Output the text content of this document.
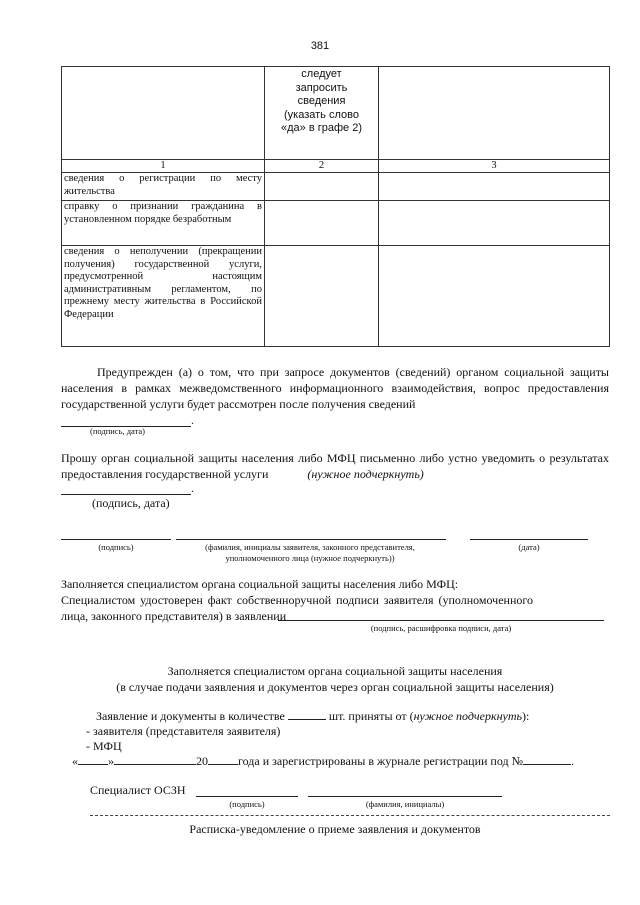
381

	следует запросить сведения (указать слово «да» в графе 2)	

1	2	3
сведения о регистрации по месту жительства		
справку о признании гражданина в установленном порядке безработным		
сведения о неполучении (прекращении получения) государственной услуги, предусмотренной настоящим административным регламентом, по прежнему месту жительства в Российской Федерации		
Предупрежден (а) о том, что при запросе документов (сведений) органом социальной защиты населения в рамках межведомственного информационного взаимодействия, вопрос предоставления государственной услуги будет рассмотрен после получения сведений
.
(подпись, дата)
Прошу орган социальной защиты населения либо МФЦ письменно либо устно уведомить о результатах предоставления государственной услуги	(нужное подчеркнуть)
.
(подпись, дата)
(подпись)	(фамилия, инициалы заявителя, законного представителя,
уполномоченного лица (нужное подчеркнуть))
(дата)
Заполняется специалистом органа социальной защиты населения либо МФЦ:
Специалистом удостоверен факт собственноручной подписи заявителя (уполномоченного лица, законного представителя) в заявлении
(подпись, расшифровка подписи, дата)
Заполняется специалистом органа социальной защиты населения
(в случае подачи заявления и документов через орган социальной защиты населения)
Заявление и документы в количестве	шт. приняты от (нужное подчеркнуть):
- заявителя (представителя заявителя)
- МФЦ
«	»	20	года и зарегистрированы в журнале регистрации под №	.
Специалист ОСЗН
(подпись)	(фамилия, инициалы)
Расписка-уведомление о приеме заявления и документов
